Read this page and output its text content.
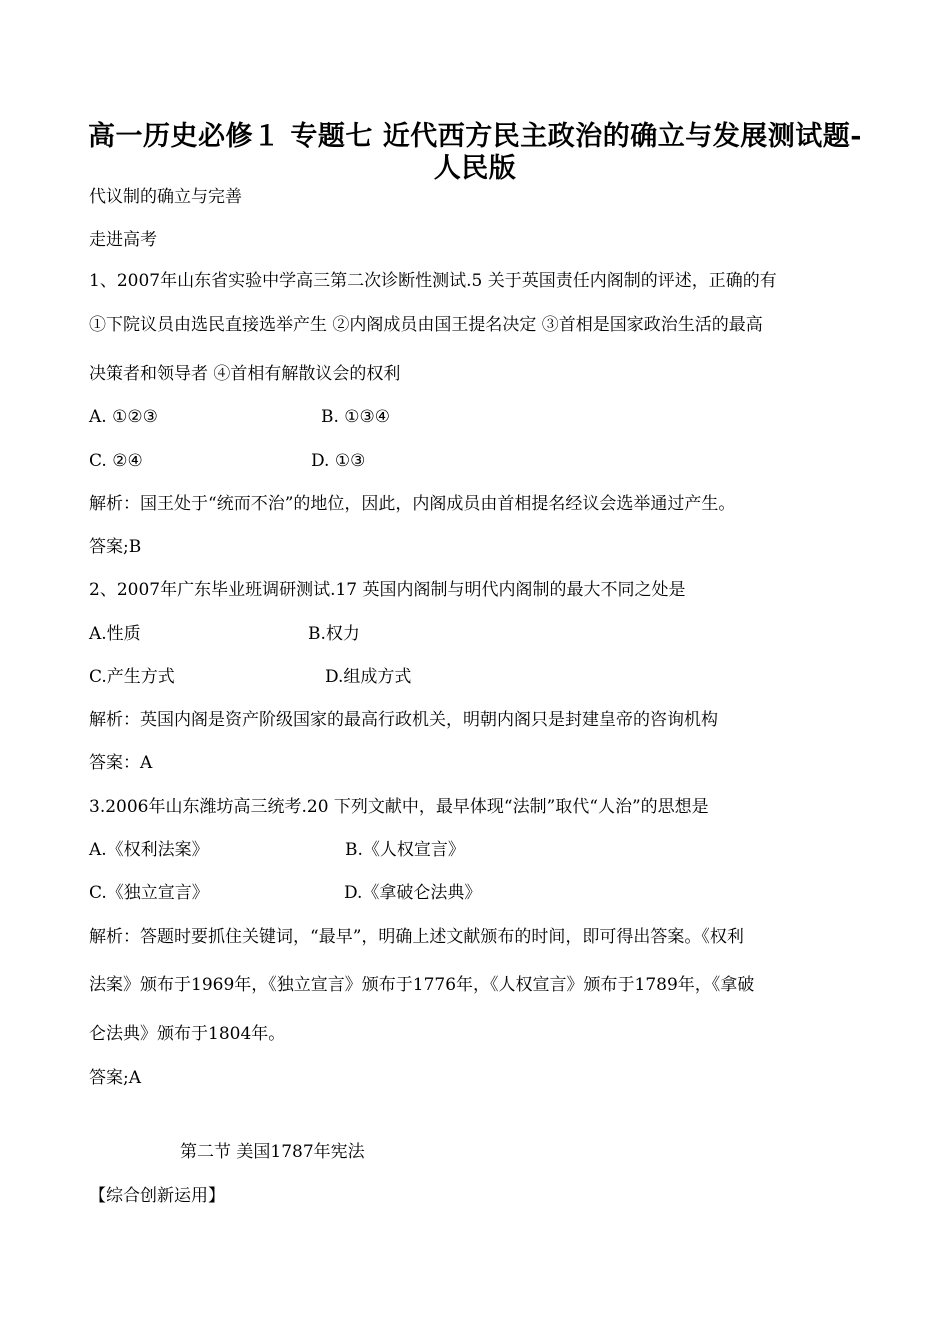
高一历史必修１ 专题七 近代西方民主政治的确立与发展测试题-
人民版
代议制的确立与完善
走进高考
1、2007年山东省实验中学高三第二次诊断性测试.5 关于英国责任内阁制的评述，正确的有
①下院议员由选民直接选举产生 ②内阁成员由国王提名决定 ③首相是国家政治生活的最高
决策者和领导者 ④首相有解散议会的权利
A. ①②③	B. ①③④
C. ②④	D. ①③
解析：国王处于“统而不治”的地位，因此，内阁成员由首相提名经议会选举通过产生。
答案;B
2、2007年广东毕业班调研测试.17 英国内阁制与明代内阁制的最大不同之处是
A.性质	B.权力
C.产生方式	D.组成方式
解析：英国内阁是资产阶级国家的最高行政机关，明朝内阁只是封建皇帝的咨询机构
答案：A
3.2006年山东潍坊高三统考.20 下列文献中，最早体现“法制”取代“人治”的思想是
A.《权利法案》	B.《人权宣言》
C.《独立宣言》	D.《拿破仑法典》
解析：答题时要抓住关键词，“最早”，明确上述文献颁布的时间，即可得出答案。《权利
法案》颁布于1969年，《独立宣言》颁布于1776年，《人权宣言》颁布于1789年，《拿破
仑法典》颁布于1804年。
答案;A
第二节 美国1787年宪法
【综合创新运用】
